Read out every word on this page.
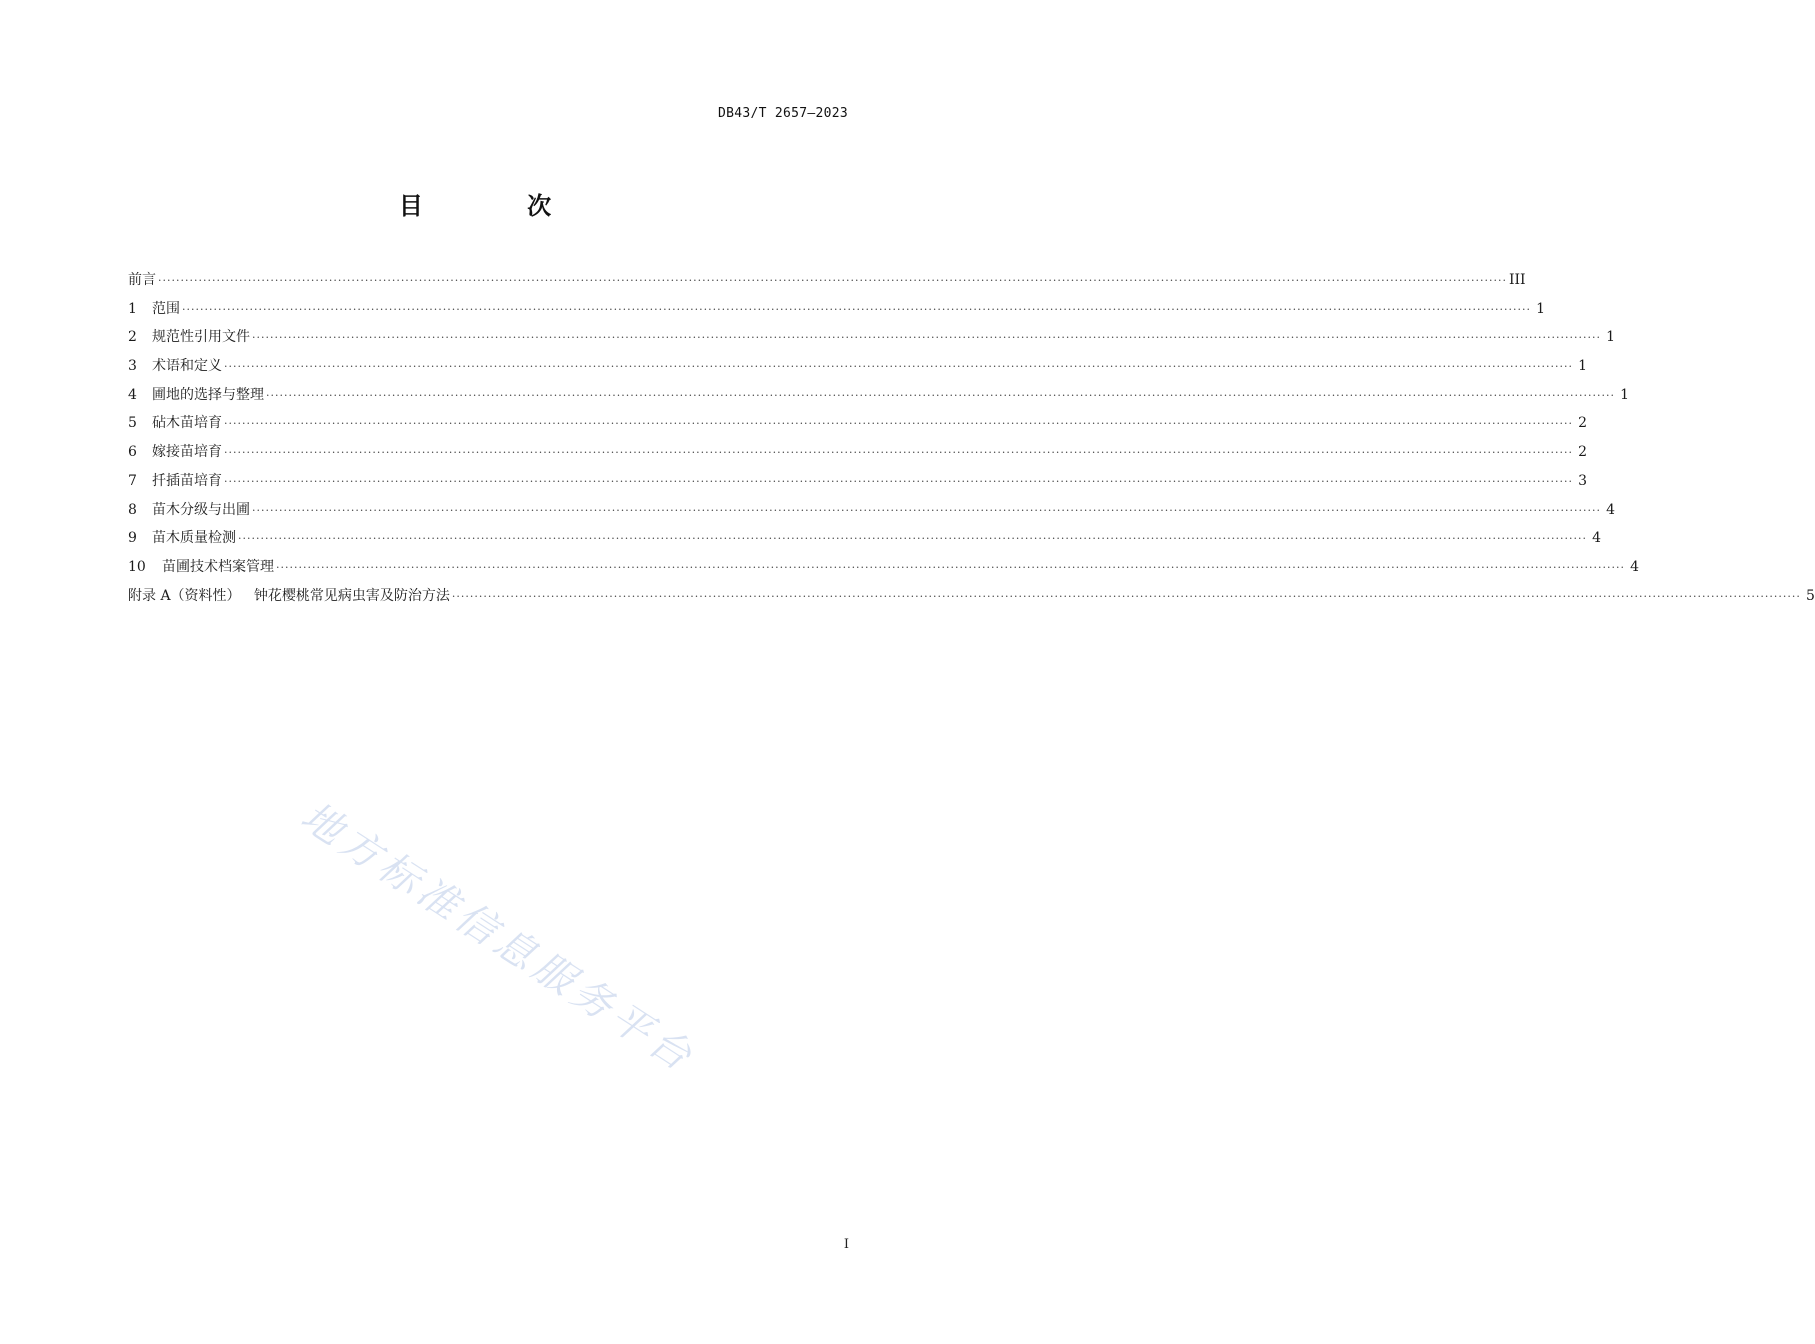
DB43/T 2657—2023
目 次
前言 ············································································································································································································································································································ III
1	范围 ············································································································································································································································································································ 1
2	规范性引用文件 ············································································································································································································································································································ 1
3	术语和定义 ············································································································································································································································································································ 1
4	圃地的选择与整理 ············································································································································································································································································································ 1
5	砧木苗培育 ············································································································································································································································································································ 2
6	嫁接苗培育 ············································································································································································································································································································ 2
7	扦插苗培育 ············································································································································································································································································································ 3
8	苗木分级与出圃 ············································································································································································································································································································ 4
9	苗木质量检测 ············································································································································································································································································································ 4
10	苗圃技术档案管理 ············································································································································································································································································································ 4
附录 A（资料性）   钟花樱桃常见病虫害及防治方法 ············································································································································································································································································································ 5
地方标准信息服务平台
I
